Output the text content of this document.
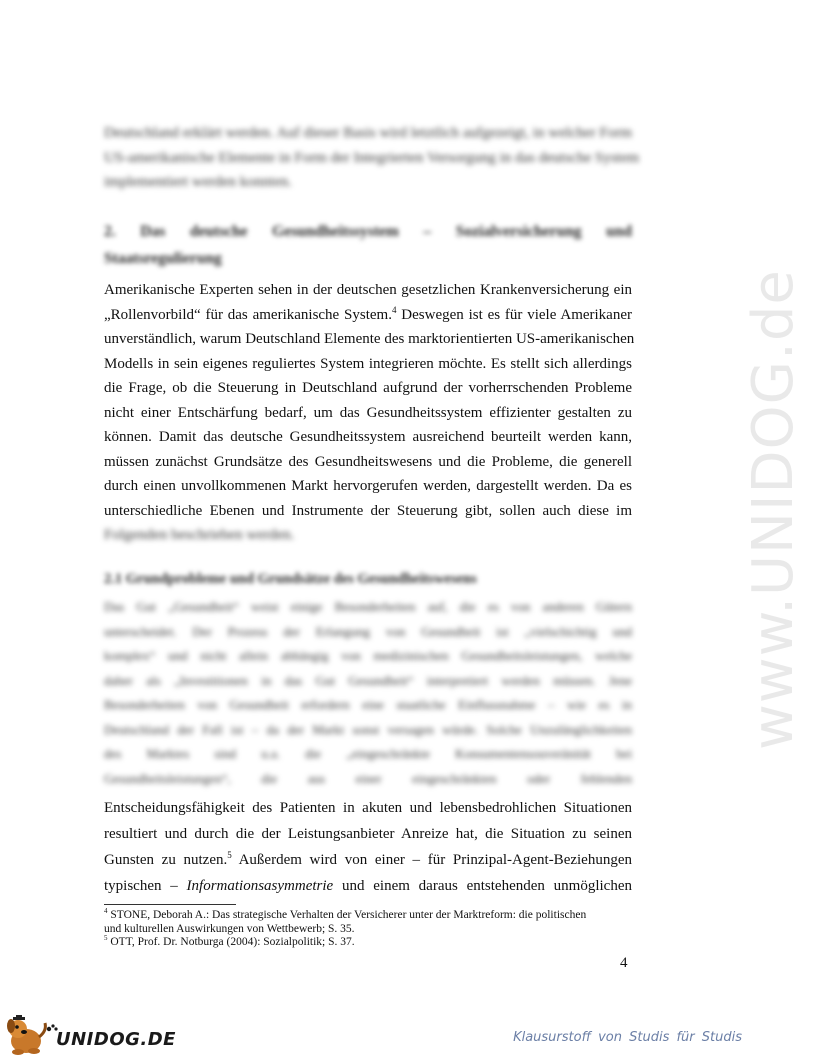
Deutschland erklärt werden. Auf dieser Basis wird letztlich aufgezeigt, in welcher Form
US-amerikanische Elemente in Form der Integrierten Versorgung in das deutsche System
implementiert werden konnten.
2. Das deutsche Gesundheitssystem – Sozialversicherung und
Staatsregulierung
Amerikanische Experten sehen in der deutschen gesetzlichen Krankenversicherung ein
„Rollenvorbild“ für das amerikanische System.$^4$ Deswegen ist es für viele Amerikaner
unverständlich, warum Deutschland Elemente des marktorientierten US-amerikanischen
Modells in sein eigenes reguliertes System integrieren möchte. Es stellt sich allerdings
die Frage, ob die Steuerung in Deutschland aufgrund der vorherrschenden Probleme
nicht einer Entschärfung bedarf, um das Gesundheitssystem effizienter gestalten zu
können. Damit das deutsche Gesundheitssystem ausreichend beurteilt werden kann,
müssen zunächst Grundsätze des Gesundheitswesens und die Probleme, die generell
durch einen unvollkommenen Markt hervorgerufen werden, dargestellt werden. Da es
unterschiedliche Ebenen und Instrumente der Steuerung gibt, sollen auch diese im
Folgenden beschrieben werden.
2.1 Grundprobleme und Grundsätze des Gesundheitswesens
Das Gut „Gesundheit“ weist einige Besonderheiten auf, die es von anderen Gütern
unterscheidet. Der Prozess der Erlangung von Gesundheit ist „vielschichtig und
komplex“ und nicht allein abhängig von medizinischen Gesundheitsleistungen, welche
daher als „Investitionen in das Gut Gesundheit“ interpretiert werden müssen. Jene
Besonderheiten von Gesundheit erfordern eine staatliche Einflussnahme – wie es in
Deutschland der Fall ist – da der Markt sonst versagen würde. Solche Unzulänglichkeiten
des Marktes sind u.a. die „eingeschränkte Konsumentensouveränität bei
Gesundheitsleistungen“, die aus einer eingeschränkten oder fehlenden
Entscheidungsfähigkeit des Patienten in akuten und lebensbedrohlichen Situationen
resultiert und durch die der Leistungsanbieter Anreize hat, die Situation zu seinen
Gunsten zu nutzen.$^5$ Außerdem wird von einer – für Prinzipal-Agent-Beziehungen
typischen – Informationsasymmetrie und einem daraus entstehenden unmöglichen
$^4$ STONE, Deborah A.: Das strategische Verhalten der Versicherer unter der Marktreform: die politischen
und kulturellen Auswirkungen von Wettbewerb; S. 35.
$^5$ OTT, Prof. Dr. Notburga (2004): Sozialpolitik; S. 37.
4
www.UNIDOG.de
UNIDOG.DE	Klausurstoff von Studis für Studis
